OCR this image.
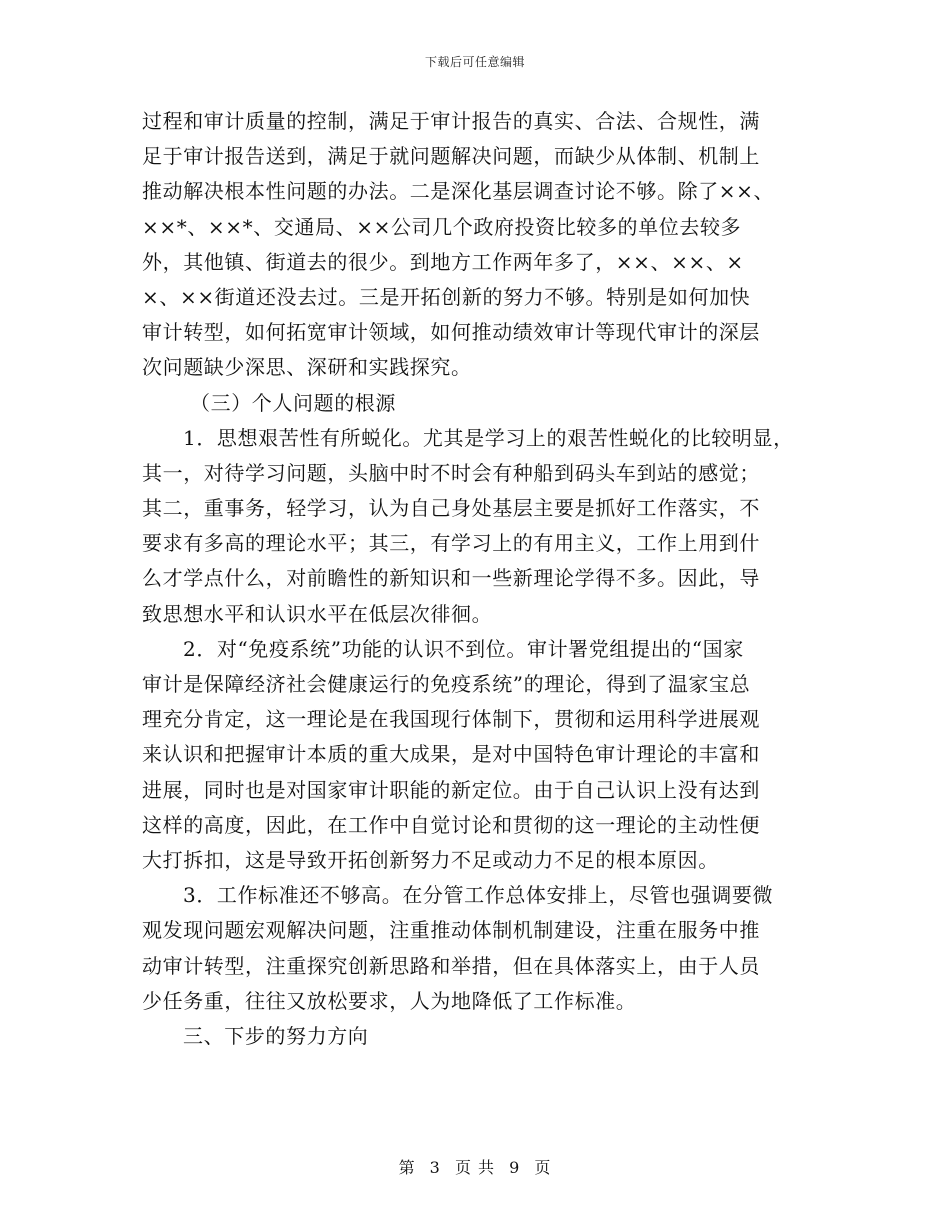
下载后可任意编辑
过程和审计质量的控制，满足于审计报告的真实、合法、合规性，满
足于审计报告送到，满足于就问题解决问题，而缺少从体制、机制上
推动解决根本性问题的办法。二是深化基层调查讨论不够。除了××、
××*、××*、交通局、××公司几个政府投资比较多的单位去较多
外，其他镇、街道去的很少。到地方工作两年多了，××、××、×
×、××街道还没去过。三是开拓创新的努力不够。特别是如何加快
审计转型，如何拓宽审计领域，如何推动绩效审计等现代审计的深层
次问题缺少深思、深研和实践探究。
（三）个人问题的根源
1．思想艰苦性有所蜕化。尤其是学习上的艰苦性蜕化的比较明显，
其一，对待学习问题，头脑中时不时会有种船到码头车到站的感觉；
其二，重事务，轻学习，认为自己身处基层主要是抓好工作落实，不
要求有多高的理论水平；其三，有学习上的有用主义，工作上用到什
么才学点什么，对前瞻性的新知识和一些新理论学得不多。因此，导
致思想水平和认识水平在低层次徘徊。
2．对“免疫系统”功能的认识不到位。审计署党组提出的“国家
审计是保障经济社会健康运行的免疫系统”的理论，得到了温家宝总
理充分肯定，这一理论是在我国现行体制下，贯彻和运用科学进展观
来认识和把握审计本质的重大成果，是对中国特色审计理论的丰富和
进展，同时也是对国家审计职能的新定位。由于自己认识上没有达到
这样的高度，因此，在工作中自觉讨论和贯彻的这一理论的主动性便
大打拆扣，这是导致开拓创新努力不足或动力不足的根本原因。
3．工作标准还不够高。在分管工作总体安排上，尽管也强调要微
观发现问题宏观解决问题，注重推动体制机制建设，注重在服务中推
动审计转型，注重探究创新思路和举措，但在具体落实上，由于人员
少任务重，往往又放松要求，人为地降低了工作标准。
三、下步的努力方向
第 3 页 共 9 页
